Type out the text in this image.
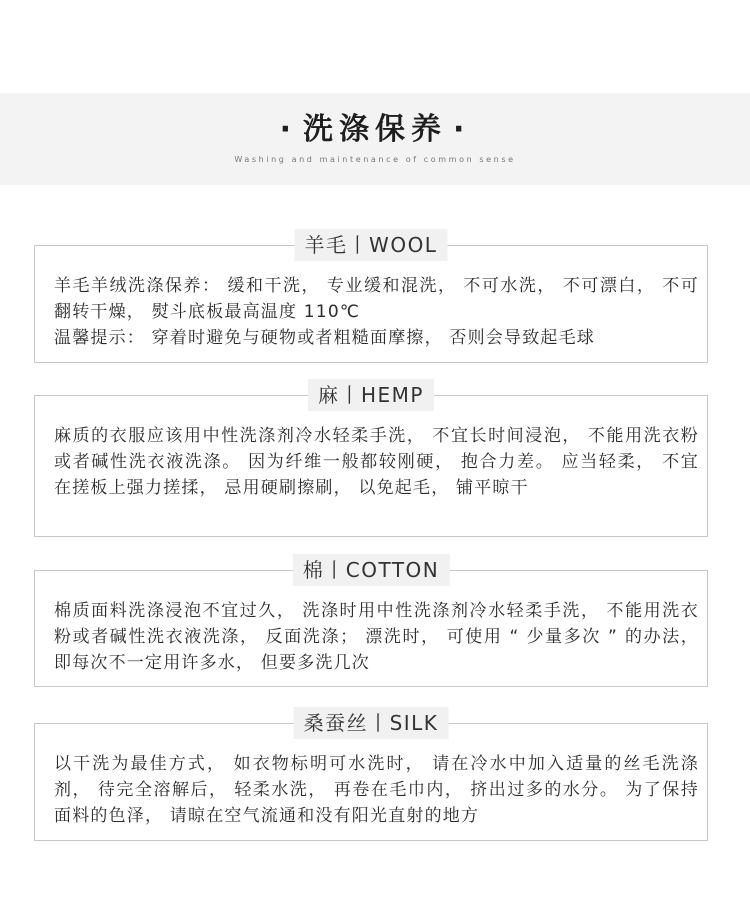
· 洗涤保养 ·
Washing and maintenance of common sense
羊毛丨WOOL

羊毛羊绒洗涤保养： 缓和干洗， 专业缓和混洗， 不可水洗， 不可漂白， 不可翻转干燥， 熨斗底板最高温度 110℃

温馨提示： 穿着时避免与硬物或者粗糙面摩擦， 否则会导致起毛球

麻丨HEMP

麻质的衣服应该用中性洗涤剂冷水轻柔手洗， 不宜长时间浸泡， 不能用洗衣粉或者碱性洗衣液洗涤。 因为纤维一般都较刚硬， 抱合力差。 应当轻柔， 不宜在搓板上强力搓揉， 忌用硬刷擦刷， 以免起毛， 铺平晾干

棉丨COTTON

棉质面料洗涤浸泡不宜过久， 洗涤时用中性洗涤剂冷水轻柔手洗， 不能用洗衣粉或者碱性洗衣液洗涤， 反面洗涤； 漂洗时， 可使用 “ 少量多次 ” 的办法， 即每次不一定用许多水， 但要多洗几次

桑蚕丝丨SILK

以干洗为最佳方式， 如衣物标明可水洗时， 请在冷水中加入适量的丝毛洗涤剂， 待完全溶解后， 轻柔水洗， 再卷在毛巾内， 挤出过多的水分。 为了保持面料的色泽， 请晾在空气流通和没有阳光直射的地方
